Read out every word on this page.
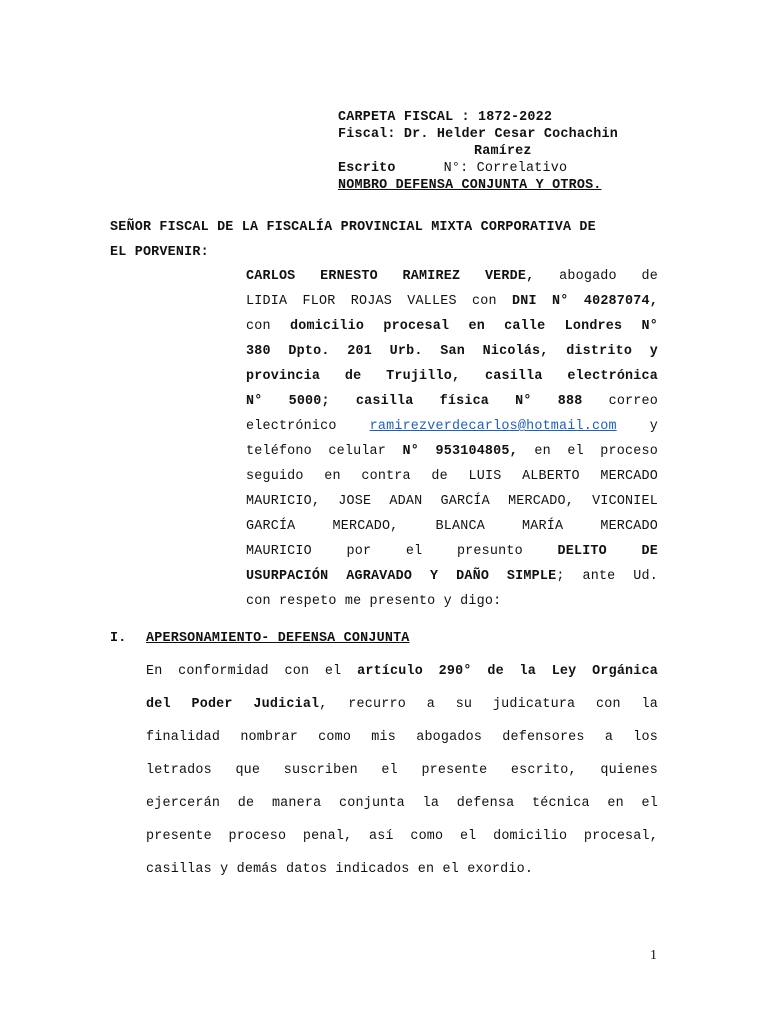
CARPETA FISCAL : 1872-2022
Fiscal: Dr. Helder Cesar Cochachin
Ramírez
Escrito	N°: Correlativo
NOMBRO DEFENSA CONJUNTA Y OTROS.
SEÑOR FISCAL DE LA FISCALÍA PROVINCIAL MIXTA CORPORATIVA DE
EL PORVENIR:
CARLOS ERNESTO RAMIREZ VERDE, abogado de
LIDIA FLOR ROJAS VALLES con DNI N° 40287074,
con domicilio procesal en calle Londres N°
380 Dpto. 201 Urb. San Nicolás, distrito y
provincia de Trujillo, casilla electrónica
N° 5000; casilla física N° 888 correo
electrónico ramirezverdecarlos@hotmail.com y
teléfono celular N° 953104805, en el proceso
seguido en contra de LUIS ALBERTO MERCADO
MAURICIO, JOSE ADAN GARCÍA MERCADO, VICONIEL
GARCÍA MERCADO, BLANCA MARÍA MERCADO
MAURICIO por el presunto	DELITO DE
USURPACIÓN AGRAVADO Y DAÑO SIMPLE; ante Ud.
con respeto me presento y digo:
I. APERSONAMIENTO- DEFENSA CONJUNTA
En conformidad con el artículo 290° de la Ley Orgánica
del Poder Judicial, recurro a su judicatura con la
finalidad nombrar como mis abogados defensores a los
letrados que suscriben el presente escrito, quienes
ejercerán de manera conjunta la defensa técnica en el
presente proceso penal, así como el domicilio procesal,
casillas y demás datos indicados en el exordio.
1
